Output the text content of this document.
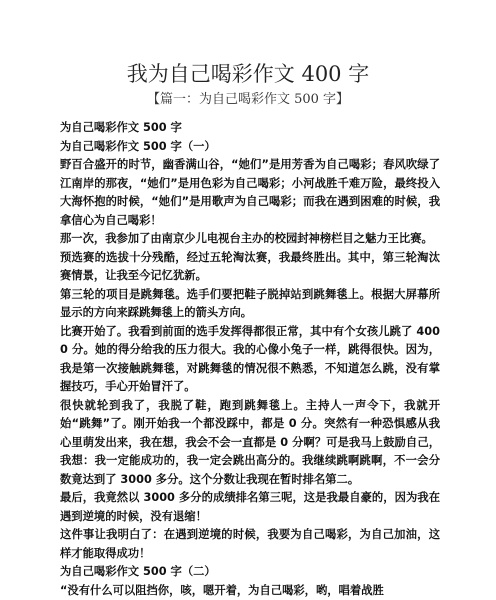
我为自己喝彩作文 400 字
【篇一：为自己喝彩作文 500 字】

为自己喝彩作文 500 字

为自己喝彩作文 500 字（一）

野百合盛开的时节，幽香满山谷，“她们”是用芳香为自己喝彩；春风吹绿了江南岸的那夜，“她们”是用色彩为自己喝彩；小河战胜千难万险，最终投入大海怀抱的时候，“她们”是用歌声为自己喝彩；而我在遇到困难的时候，我拿信心为自己喝彩！

那一次，我参加了由南京少儿电视台主办的校园封神榜栏目之魅力王比赛。

预选赛的选拔十分残酷，经过五轮淘汰赛，我最终胜出。其中，第三轮淘汰赛情景，让我至今记忆犹新。

第三轮的项目是跳舞毯。选手们要把鞋子脱掉站到跳舞毯上。根据大屏幕所显示的方向来踩跳舞毯上的箭头方向。

比赛开始了。我看到前面的选手发挥得都很正常，其中有个女孩儿跳了 4000 分。她的得分给我的压力很大。我的心像小兔子一样，跳得很快。因为，我是第一次接触跳舞毯，对跳舞毯的情况很不熟悉，不知道怎么跳，没有掌握技巧，手心开始冒汗了。

很快就轮到我了，我脱了鞋，跑到跳舞毯上。主持人一声令下，我就开始“跳舞”了。刚开始我一个都没踩中，都是 0 分。突然有一种恐惧感从我心里萌发出来，我在想，我会不会一直都是 0 分啊？可是我马上鼓励自己，我想：我一定能成功的，我一定会跳出高分的。我继续跳啊跳啊，不一会分数竟达到了 3000 多分。这个分数让我现在暂时排名第二。

最后，我竟然以 3000 多分的成绩排名第三呢，这是我最自豪的，因为我在遇到逆境的时候，没有退缩！

这件事让我明白了：在遇到逆境的时候，我要为自己喝彩，为自己加油，这样才能取得成功！

为自己喝彩作文 500 字（二）

“没有什么可以阻挡你，咳，嗯开着，为自己喝彩，哟，唱着战胜
